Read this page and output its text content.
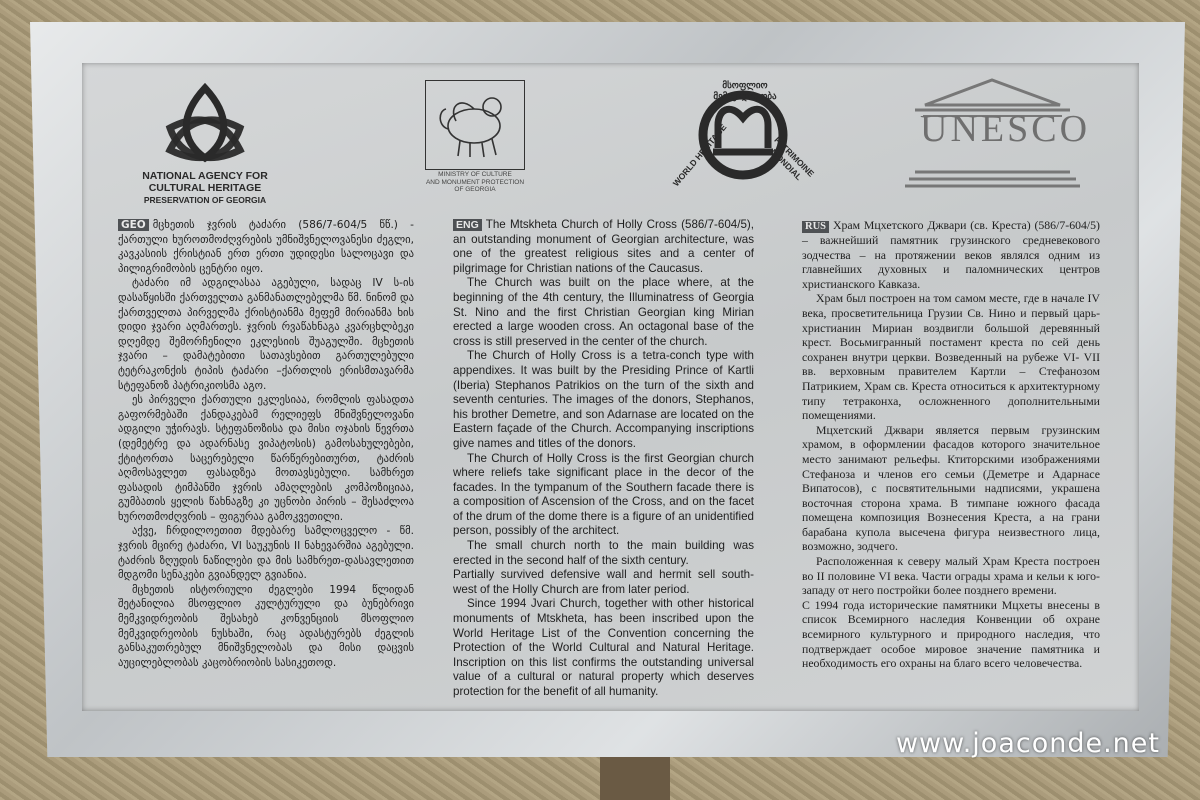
NATIONAL AGENCY FOR
CULTURAL HERITAGE
PRESERVATION OF GEORGIA
MINISTRY OF CULTURE
AND MONUMENT PROTECTION
OF GEORGIA
მსოფლიო მემკვიდრეობა
WORLD HERITAGE	PATRIMOINE MONDIAL
UNESCO

GEO მცხეთის ჯვრის ტაძარი (586/7-604/5 წწ.) - ქართული ხუროთმოძღვრების უმნიშვნელოვანესი ძეგლი, კავკასიის ქრისტიან ერთ ერთი უდიდესი სალოცავი და პილიგრიმობის ცენტრი იყო.

ტაძარი იმ ადგილასაა აგებული, სადაც IV ს-ის დასაწყისში ქართველთა განმანათლებელმა წმ. ნინომ და ქართველთა პირველმა ქრისტიანმა მეფემ მირიანმა ხის დიდი ჯვარი აღმართეს. ჯვრის რვაწახნაგა კვარცხლბეკი დღემდე შემორჩენილი ეკლესიის შუაგულში. მცხეთის ჯვარი – დამატებითი სათავსებით გართულებული ტეტრაკონქის ტიპის ტაძარი –ქართლის ერისმთავარმა სტეფანოზ პატრიკიოსმა აგო.

ეს პირველი ქართული ეკლესიაა, რომლის ფასადთა გაფორმებაში ქანდაკებამ რელიეფს მნიშვნელოვანი ადგილი უჭირავს. სტეფანოზისა და მისი ოჯახის წევრთა (დემეტრე და ადარნასე ვიპატოსის) გამოსახულებები, ქტიტორთა საცერებელი წარწერებითურთ, ტაძრის აღმოსავლეთ ფასადზეა მოთავსებული. სამხრეთ ფასადის ტიმპანში ჯვრის ამაღლების კომპოზიციაა, გუმბათის ყელის წახნაგზე კი უცნობი პირის – შესაძლოა ხუროთმოძღვრის – ფიგურაა გამოკვეთილი.

აქვე, ჩრდილოეთით მდებარე სამლოცველო - წმ. ჯვრის მცირე ტაძარი, VI საუკუნის II ნახევარშია აგებული. ტაძრის ზღუდის ნაწილები და მის სამხრეთ-დასავლეთით მდგომი სენაკები გვიანდელ გვიანია.

მცხეთის ისტორიული ძეგლები 1994 წლიდან შეტანილია მსოფლიო კულტურული და ბუნებრივი მემკვიდრეობის შესახებ კონვენციის მსოფლიო მემკვიდრეობის ნუსხაში, რაც ადასტურებს ძეგლის განსაკუთრებულ მნიშვნელობას და მისი დაცვის აუცილებლობას კაცობრიობის სასიკეთოდ.

ENG The Mtskheta Church of Holly Cross (586/7-604/5), an outstanding monument of Georgian architecture, was one of the greatest religious sites and a center of pilgrimage for Christian nations of the Caucasus.

The Church was built on the place where, at the beginning of the 4th century, the Illuminatress of Georgia St. Nino and the first Christian Georgian king Mirian erected a large wooden cross. An octagonal base of the cross is still preserved in the center of the church.

The Church of Holly Cross is a tetra-conch type with appendixes. It was built by the Presiding Prince of Kartli (Iberia) Stephanos Patrikios on the turn of the sixth and seventh centuries. The images of the donors, Stephanos, his brother Demetre, and son Adarnase are located on the Eastern façade of the Church. Accompanying inscriptions give names and titles of the donors.

The Church of Holly Cross is the first Georgian church where reliefs take significant place in the decor of the facades. In the tympanum of the Southern facade there is a composition of Ascension of the Cross, and on the facet of the drum of the dome there is a figure of an unidentified person, possibly of the architect.

The small church north to the main building was erected in the second half of the sixth century.

Partially survived defensive wall and hermit sell south-west of the Holly Church are from later period.

Since 1994 Jvari Church, together with other historical monuments of Mtskheta, has been inscribed upon the World Heritage List of the Convention concerning the Protection of the World Cultural and Natural Heritage. Inscription on this list confirms the outstanding universal value of a cultural or natural property which deserves protection for the benefit of all humanity.

RUS Храм Мцхетского Джвари (св. Креста) (586/7-604/5) – важнейший памятник грузинского средневекового зодчества – на протяжении веков являлся одним из главнейших духовных и паломнических центров христианского Кавказа.

Храм был построен на том самом месте, где в начале IV века, просветительница Грузии Св. Нино и первый царь-христианин Мириан воздвигли большой деревянный крест. Восьмигранный постамент креста по сей день сохранен внутри церкви. Возведенный на рубеже VI- VII вв. верховным правителем Картли – Стефанозом Патрикием, Храм св. Креста относиться к архитектурному типу тетраконха, осложненного дополнительными помещениями.

Мцхетский Джвари является первым грузинским храмом, в оформлении фасадов которого значительное место занимают рельефы. Ктиторскими изображениями Стефаноза и членов его семьи (Деметре и Адарнасе Випатосов), с посвятительными надписями, украшена восточная сторона храма. В тимпане южного фасада помещена композиция Вознесения Креста, а на грани барабана купола высечена фигура неизвестного лица, возможно, зодчего.

Расположенная к северу малый Храм Креста построен во II половине VI века. Части ограды храма и кельи к юго-западу от него постройки более позднего времени.

С 1994 года исторические памятники Мцхеты внесены в список Всемирного наследия Конвенции об охране всемирного культурного и природного наследия, что подтверждает особое мировое значение памятника и необходимость его охраны на благо всего человечества.

www.joaconde.net
